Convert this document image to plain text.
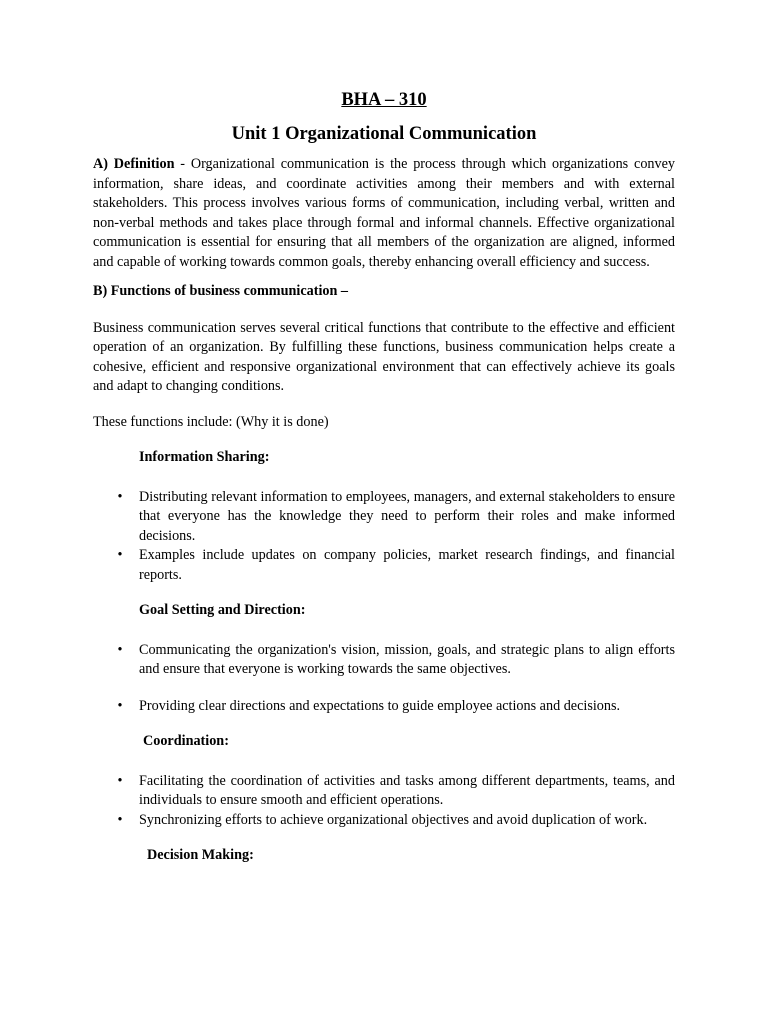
BHA – 310
Unit 1 Organizational Communication

A) Definition - Organizational communication is the process through which organizations convey information, share ideas, and coordinate activities among their members and with external stakeholders. This process involves various forms of communication, including verbal, written and non-verbal methods and takes place through formal and informal channels. Effective organizational communication is essential for ensuring that all members of the organization are aligned, informed and capable of working towards common goals, thereby enhancing overall efficiency and success.

B) Functions of business communication –

Business communication serves several critical functions that contribute to the effective and efficient operation of an organization. By fulfilling these functions, business communication helps create a cohesive, efficient and responsive organizational environment that can effectively achieve its goals and adapt to changing conditions.

These functions include: (Why it is done)

Information Sharing:

• Distributing relevant information to employees, managers, and external stakeholders to ensure that everyone has the knowledge they need to perform their roles and make informed decisions.
• Examples include updates on company policies, market research findings, and financial reports.

Goal Setting and Direction:

• Communicating the organization's vision, mission, goals, and strategic plans to align efforts and ensure that everyone is working towards the same objectives.
• Providing clear directions and expectations to guide employee actions and decisions.

Coordination:

• Facilitating the coordination of activities and tasks among different departments, teams, and individuals to ensure smooth and efficient operations.
• Synchronizing efforts to achieve organizational objectives and avoid duplication of work.

Decision Making:
